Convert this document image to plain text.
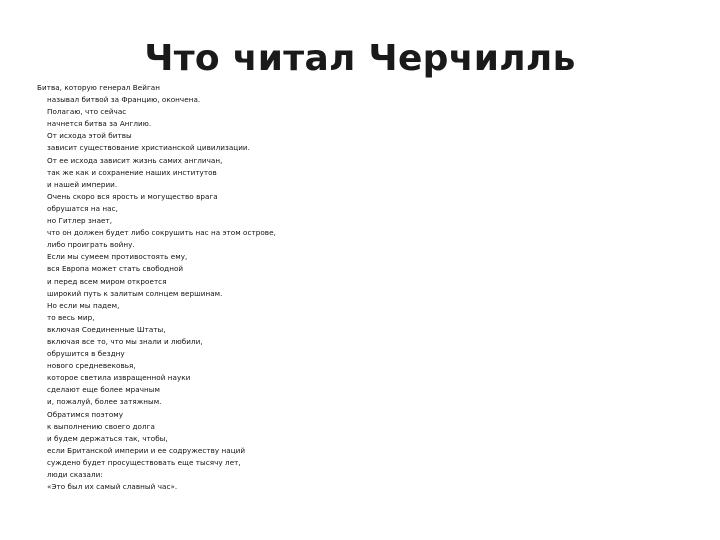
Что читал Черчилль
Битва, которую генерал Вейган
называл битвой за Францию, окончена.
Полагаю, что сейчас
начнется битва за Англию.
От исхода этой битвы
зависит существование христианской цивилизации.
От ее исхода зависит жизнь самих англичан,
так же как и сохранение наших институтов
и нашей империи.
Очень скоро вся ярость и могущество врага
обрушатся на нас,
но Гитлер знает,
что он должен будет либо сокрушить нас на этом острове,
либо проиграть войну.
Если мы сумеем противостоять ему,
вся Европа может стать свободной
и перед всем миром откроется
широкий путь к залитым солнцем вершинам.
Но если мы падем,
то весь мир,
включая Соединенные Штаты,
включая все то, что мы знали и любили,
обрушится в бездну
нового средневековья,
которое светила извращенной науки
сделают еще более мрачным
и, пожалуй, более затяжным.
Обратимся поэтому
к выполнению своего долга
и будем держаться так, чтобы,
если Британской империи и ее содружеству наций
суждено будет просуществовать еще тысячу лет,
люди сказали:
«Это был их самый славный час».
